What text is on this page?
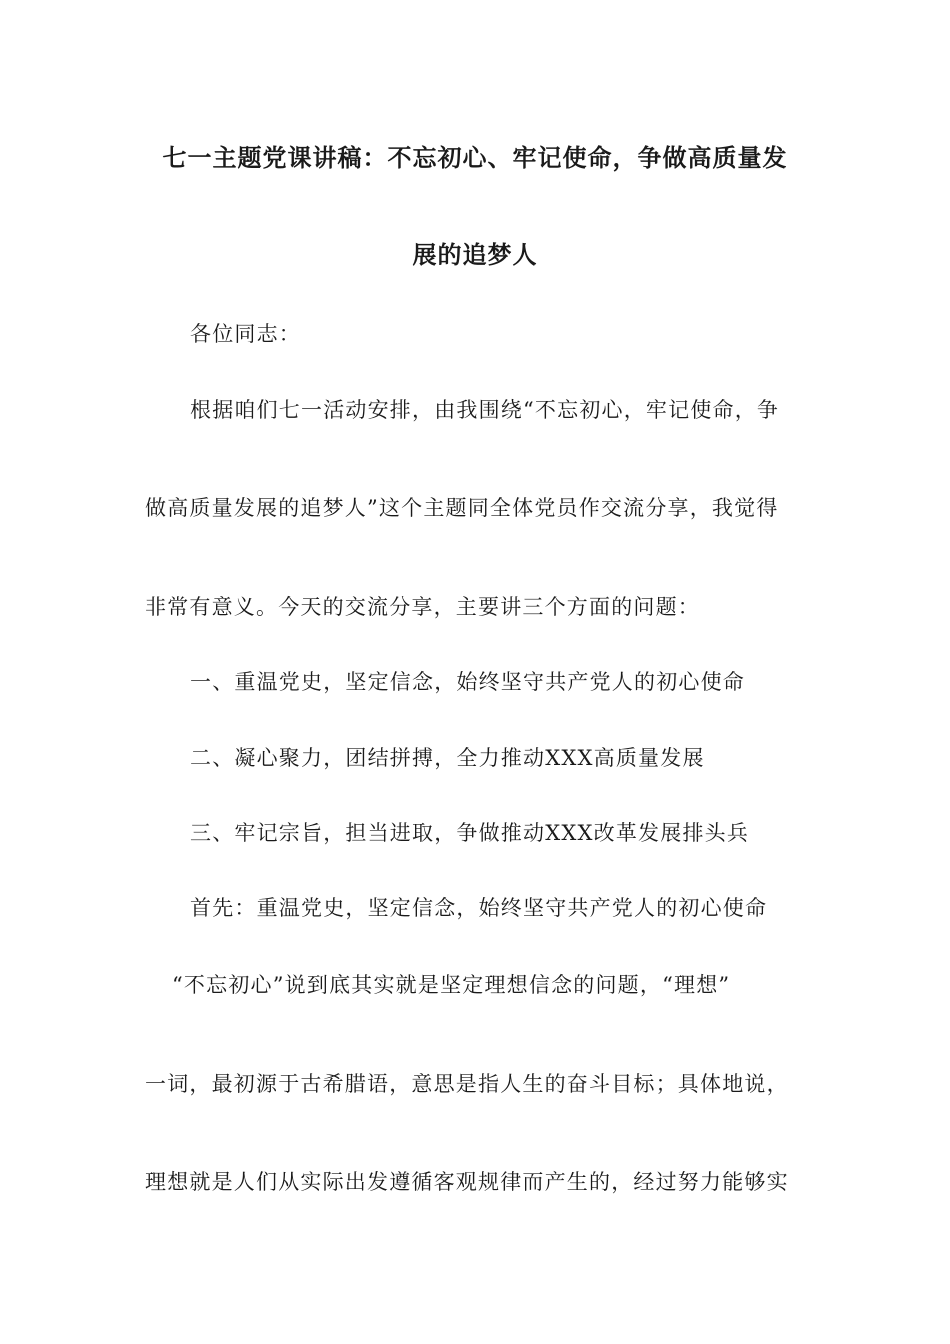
七一主题党课讲稿：不忘初心、牢记使命，争做高质量发
展的追梦人
各位同志：
根据咱们七一活动安排，由我围绕“不忘初心，牢记使命，争
做高质量发展的追梦人”这个主题同全体党员作交流分享，我觉得
非常有意义。今天的交流分享，主要讲三个方面的问题：
一、重温党史，坚定信念，始终坚守共产党人的初心使命
二、凝心聚力，团结拼搏，全力推动XXX高质量发展
三、牢记宗旨，担当进取，争做推动XXX改革发展排头兵
首先：重温党史，坚定信念，始终坚守共产党人的初心使命
“不忘初心”说到底其实就是坚定理想信念的问题，“理想”
一词，最初源于古希腊语，意思是指人生的奋斗目标；具体地说，
理想就是人们从实际出发遵循客观规律而产生的，经过努力能够实
